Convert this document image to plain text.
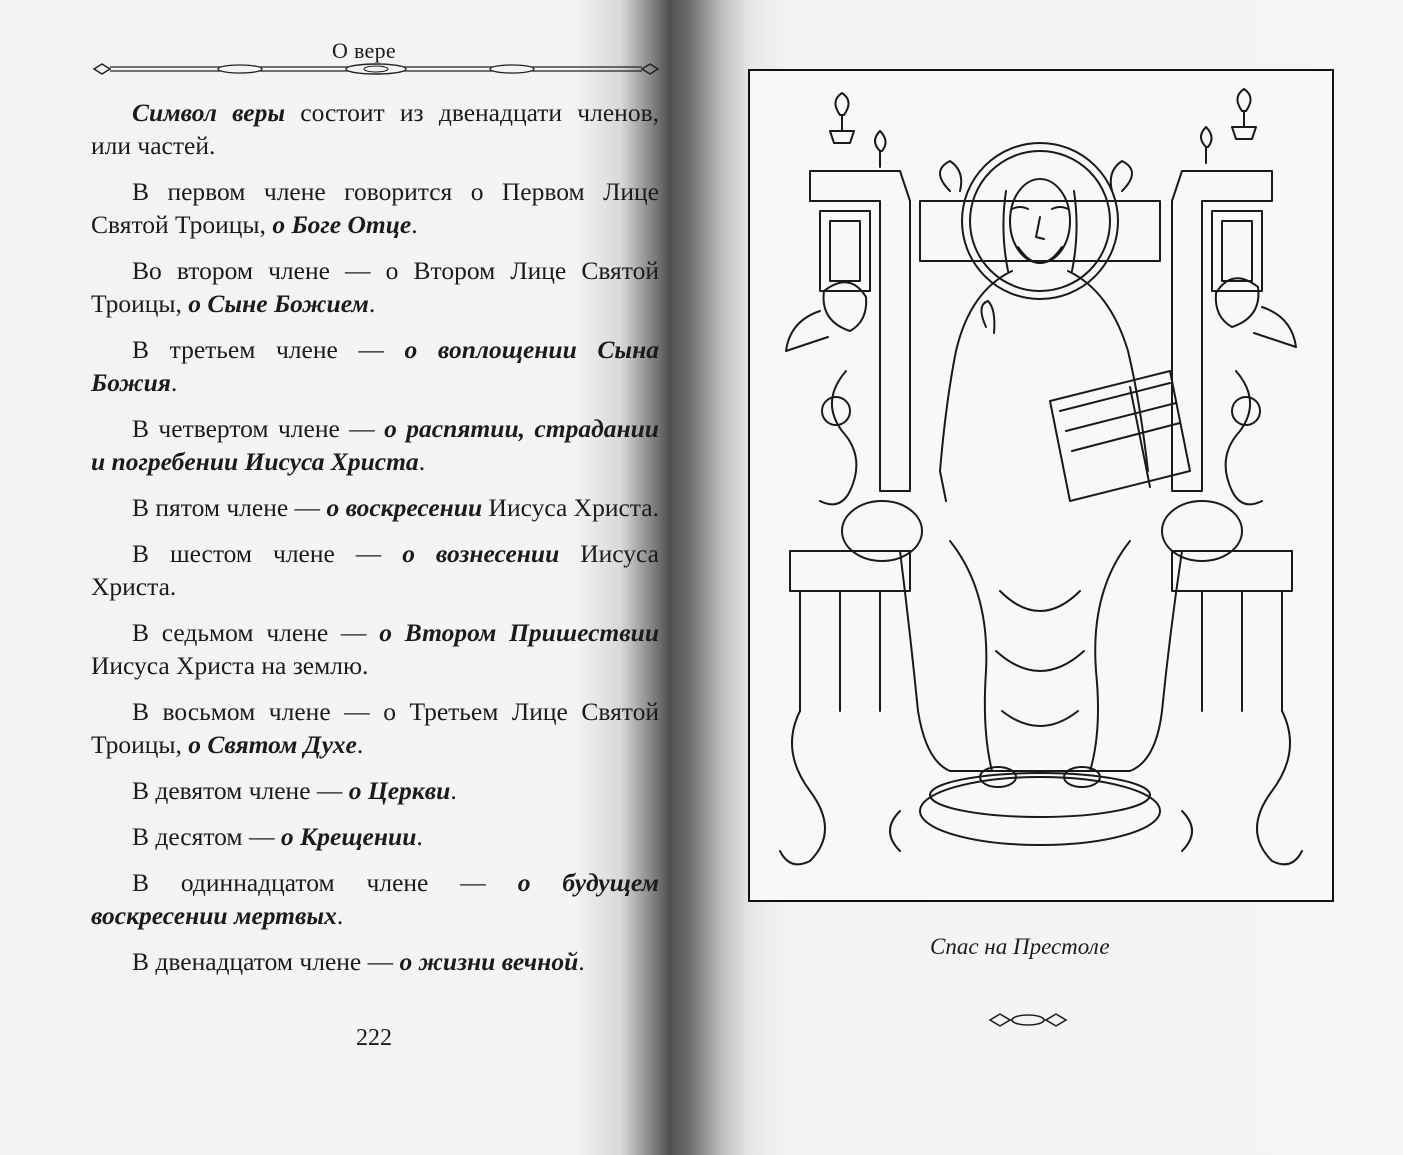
О вере

Символ веры состоит из двенадцати членов, или частей.

В первом члене говорится о Первом Лице Святой Троицы, о Боге Отце.

Во втором члене — о Втором Лице Святой Троицы, о Сыне Божием.

В третьем члене — о воплощении Сына Божия.

В четвертом члене — о распятии, страдании и погребении Иисуса Христа.

В пятом члене — о воскресении Иисуса Христа.

В шестом члене — о вознесении Иисуса Христа.

В седьмом члене — о Втором Пришествии Иисуса Христа на землю.

В восьмом члене — о Третьем Лице Святой Троицы, о Святом Духе.

В девятом члене — о Церкви.

В десятом — о Крещении.

В одиннадцатом члене — о будущем воскресении мертвых.

В двенадцатом члене — о жизни вечной.

222
Спас на Престоле
